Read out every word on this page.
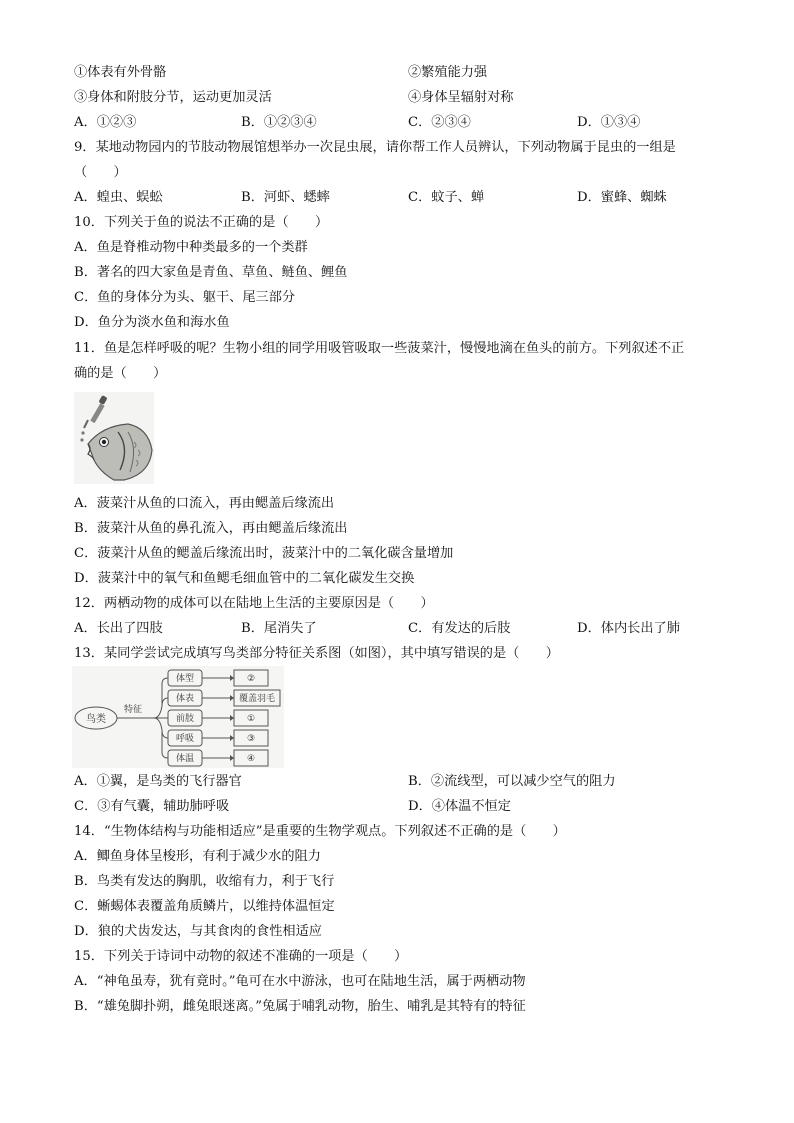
①体表有外骨骼	②繁殖能力强
③身体和附肢分节，运动更加灵活	④身体呈辐射对称
A．①②③	B．①②③④	C．②③④	D．①③④
9．某地动物园内的节肢动物展馆想举办一次昆虫展，请你帮工作人员辨认，下列动物属于昆虫的一组是
（　　）
A．蝗虫、蜈蚣	B．河虾、蟋蟀	C．蚊子、蝉	D．蜜蜂、蜘蛛
10．下列关于鱼的说法不正确的是（　　）
A．鱼是脊椎动物中种类最多的一个类群
B．著名的四大家鱼是青鱼、草鱼、鲢鱼、鲤鱼
C．鱼的身体分为头、躯干、尾三部分
D．鱼分为淡水鱼和海水鱼
11．鱼是怎样呼吸的呢？生物小组的同学用吸管吸取一些菠菜汁，慢慢地滴在鱼头的前方。下列叙述不正
确的是（　　）
A．菠菜汁从鱼的口流入，再由鳃盖后缘流出
B．菠菜汁从鱼的鼻孔流入，再由鳃盖后缘流出
C．菠菜汁从鱼的鳃盖后缘流出时，菠菜汁中的二氧化碳含量增加
D．菠菜汁中的氧气和鱼鳃毛细血管中的二氧化碳发生交换
12．两栖动物的成体可以在陆地上生活的主要原因是（　　）
A．长出了四肢	B．尾消失了	C．有发达的后肢	D．体内长出了肺
13．某同学尝试完成填写鸟类部分特征关系图（如图），其中填写错误的是（　　）
鸟类
特征
体型	②
体表	覆盖羽毛
前肢	①
呼吸	③
体温	④
A．①翼，是鸟类的飞行器官	B．②流线型，可以减少空气的阻力
C．③有气囊，辅助肺呼吸	D．④体温不恒定
14．“生物体结构与功能相适应”是重要的生物学观点。下列叙述不正确的是（　　）
A．鲫鱼身体呈梭形，有利于减少水的阻力
B．鸟类有发达的胸肌，收缩有力，利于飞行
C．蜥蜴体表覆盖角质鳞片，以维持体温恒定
D．狼的犬齿发达，与其食肉的食性相适应
15．下列关于诗词中动物的叙述不准确的一项是（　　）
A．“神龟虽寿，犹有竟时。”龟可在水中游泳，也可在陆地生活，属于两栖动物
B．“雄兔脚扑朔，雌兔眼迷离。”兔属于哺乳动物，胎生、哺乳是其特有的特征
